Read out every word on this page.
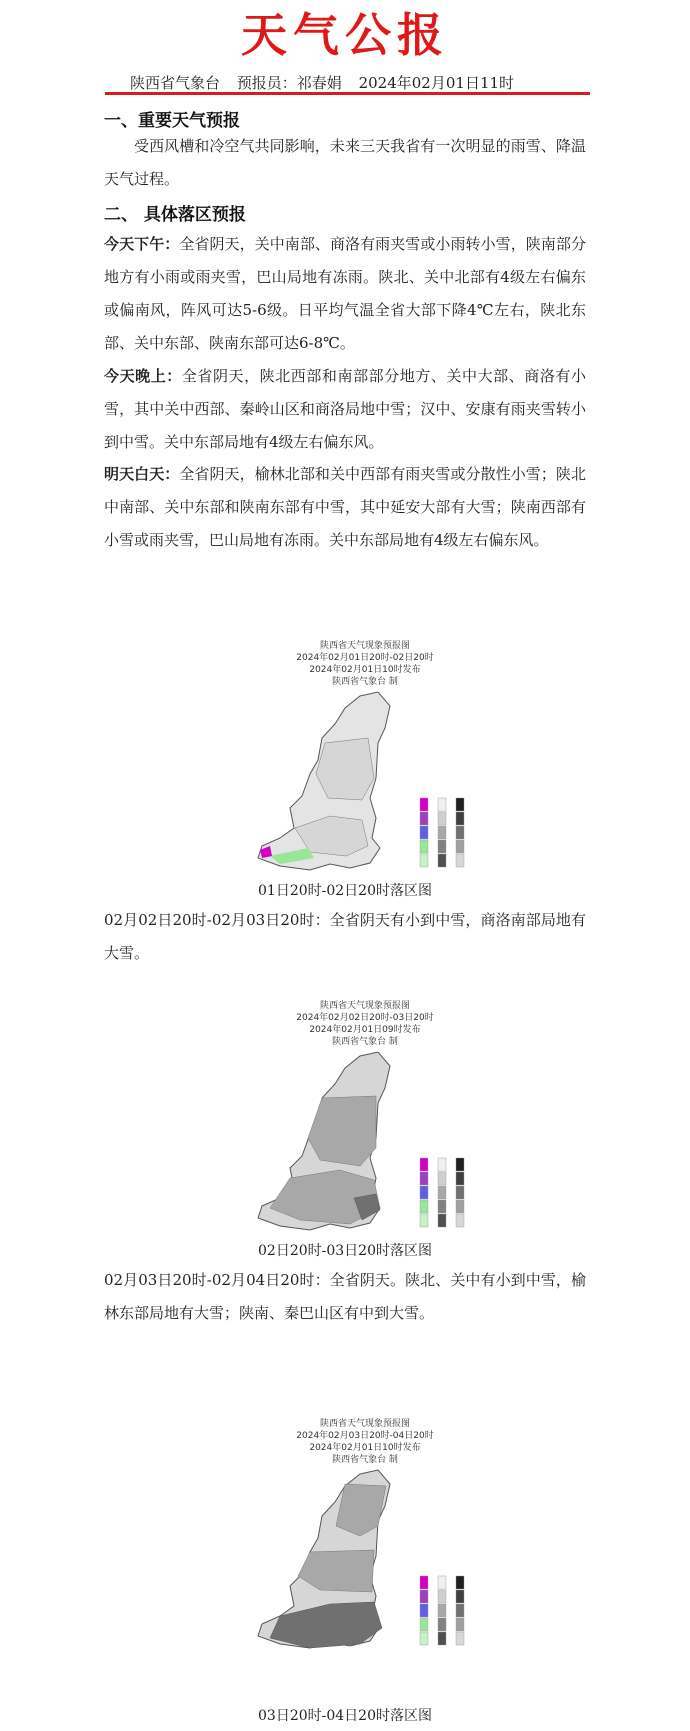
天气公报
陕西省气象台 预报员：祁春娟 2024年02月01日11时
一、重要天气预报
受西风槽和冷空气共同影响，未来三天我省有一次明显的雨雪、降温天气过程。
二、 具体落区预报
今天下午：全省阴天，关中南部、商洛有雨夹雪或小雨转小雪，陕南部分地方有小雨或雨夹雪，巴山局地有冻雨。陕北、关中北部有4级左右偏东或偏南风，阵风可达5-6级。日平均气温全省大部下降4℃左右，陕北东部、关中东部、陕南东部可达6-8℃。
今天晚上：全省阴天，陕北西部和南部部分地方、关中大部、商洛有小雪，其中关中西部、秦岭山区和商洛局地中雪；汉中、安康有雨夹雪转小到中雪。关中东部局地有4级左右偏东风。
明天白天：全省阴天，榆林北部和关中西部有雨夹雪或分散性小雪；陕北中南部、关中东部和陕南东部有中雪，其中延安大部有大雪；陕南西部有小雪或雨夹雪，巴山局地有冻雨。关中东部局地有4级左右偏东风。
陕西省天气现象预报图
2024年02月01日20时-02日20时
2024年02月01日10时发布
陕西省气象台 制
01日20时-02日20时落区图
02月02日20时-02月03日20时：全省阴天有小到中雪，商洛南部局地有大雪。
陕西省天气现象预报图
2024年02月02日20时-03日20时
2024年02月01日09时发布
陕西省气象台 制
02日20时-03日20时落区图
02月03日20时-02月04日20时：全省阴天。陕北、关中有小到中雪，榆林东部局地有大雪；陕南、秦巴山区有中到大雪。
陕西省天气现象预报图
2024年02月03日20时-04日20时
2024年02月01日10时发布
陕西省气象台 制
03日20时-04日20时落区图
